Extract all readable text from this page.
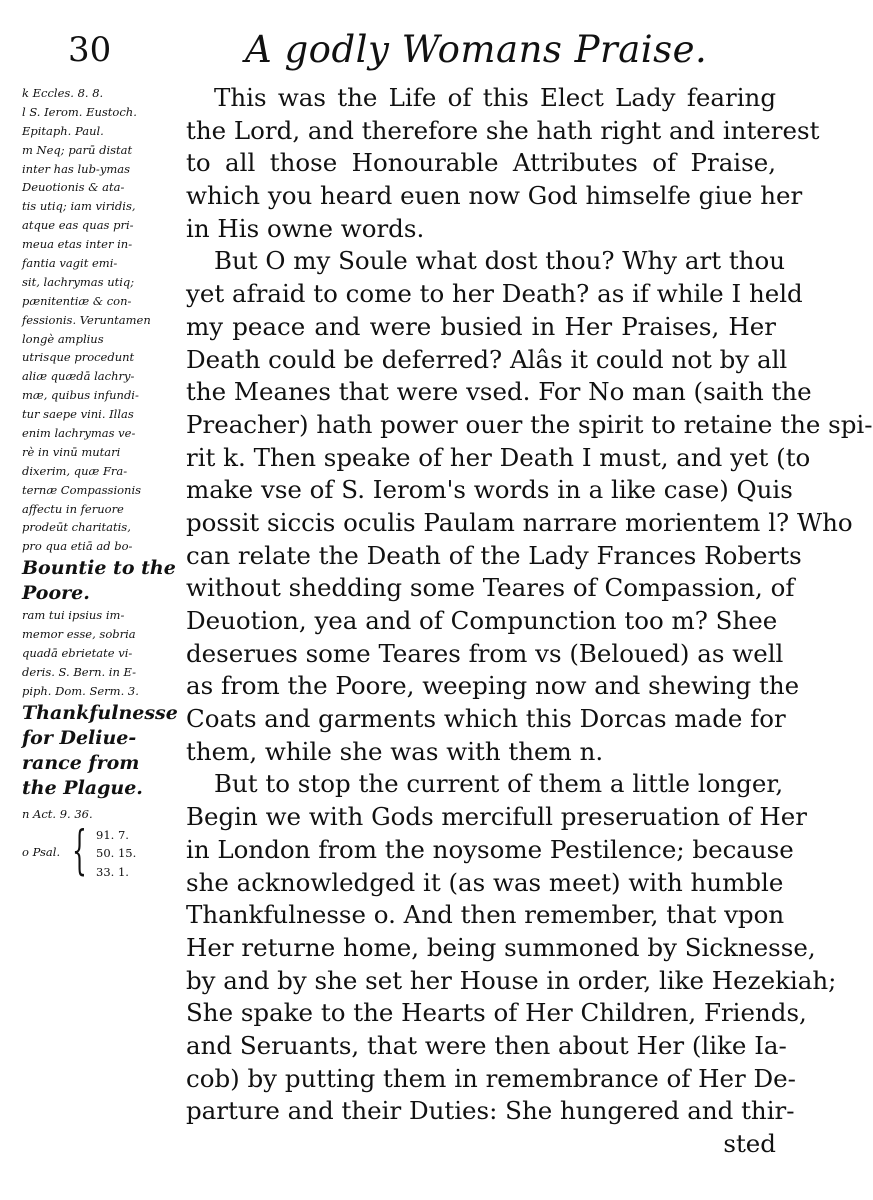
30	A godly Womans Praise.
k Eccles. 8. 8.
l S. Ierom. Eustoch.
Epitaph. Paul.
m Neq; parū distat
inter has lub-ymas
Deuotionis & ata-
tis utiq; iam viridis,
atque eas quas pri-
meua etas inter in-
fantia vagit emi-
sit, lachrymas utiq;
pænitentiæ & con-
fessionis. Veruntamen
longè amplius
utrisque procedunt
aliæ quædā lachry-
mæ, quibus infundi-
tur saepe vini. Illas
enim lachrymas ve-
rè in vinū mutari
dixerim, quæ Fra-
ternæ Compassionis
affectu in feruore
prodeūt charitatis,
pro qua etiā ad bo-
Bountie to the
Poore.
ram tui ipsius im-
memor esse, sobria
quadā ebrietate vi-
deris. S. Bern. in E-
piph. Dom. Serm. 3.
Thankfulnesse
for Deliue-
rance from
the Plague.
n Act. 9. 36.
o Psal. { 91. 7.
50. 15.
33. 1.
This was the Life of this Elect Lady fearing
the Lord, and therefore she hath right and interest
to all those Honourable Attributes of Praise,
which you heard euen now God himselfe giue her
in His owne words.
But O my Soule what dost thou? Why art thou
yet afraid to come to her Death? as if while I held
my peace and were busied in Her Praises, Her
Death could be deferred? Alâs it could not by all
the Meanes that were vsed. For No man (saith the
Preacher) hath power ouer the spirit to retaine the spi-
rit k. Then speake of her Death I must, and yet (to
make vse of S. Ierom's words in a like case) Quis
possit siccis oculis Paulam narrare morientem l? Who
can relate the Death of the Lady Frances Roberts
without shedding some Teares of Compassion, of
Deuotion, yea and of Compunction too m? Shee
deserues some Teares from vs (Beloued) as well
as from the Poore, weeping now and shewing the
Coats and garments which this Dorcas made for
them, while she was with them n.
But to stop the current of them a little longer,
Begin we with Gods mercifull preseruation of Her
in London from the noysome Pestilence; because
she acknowledged it (as was meet) with humble
Thankfulnesse o. And then remember, that vpon
Her returne home, being summoned by Sicknesse,
by and by she set her House in order, like Hezekiah;
She spake to the Hearts of Her Children, Friends,
and Seruants, that were then about Her (like Ia-
cob) by putting them in remembrance of Her De-
parture and their Duties: She hungered and thir-
sted
